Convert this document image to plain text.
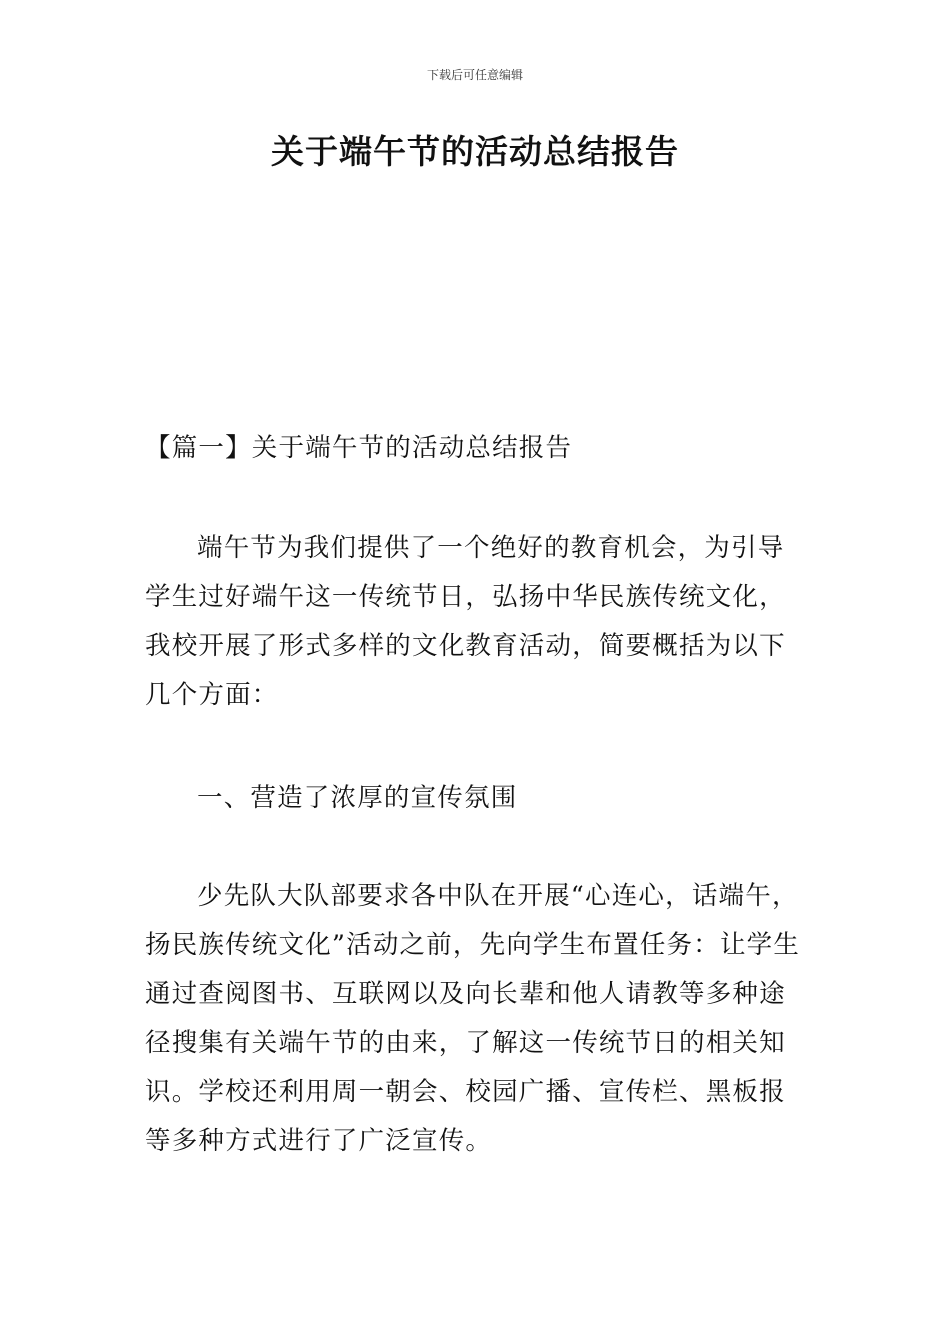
下载后可任意编辑
关于端午节的活动总结报告

【篇一】关于端午节的活动总结报告

端午节为我们提供了一个绝好的教育机会，为引导学生过好端午这一传统节日，弘扬中华民族传统文化，我校开展了形式多样的文化教育活动，简要概括为以下几个方面：

一、营造了浓厚的宣传氛围

少先队大队部要求各中队在开展“心连心，话端午，扬民族传统文化”活动之前，先向学生布置任务：让学生通过查阅图书、互联网以及向长辈和他人请教等多种途径搜集有关端午节的由来，了解这一传统节日的相关知识。学校还利用周一朝会、校园广播、宣传栏、黑板报等多种方式进行了广泛宣传。
